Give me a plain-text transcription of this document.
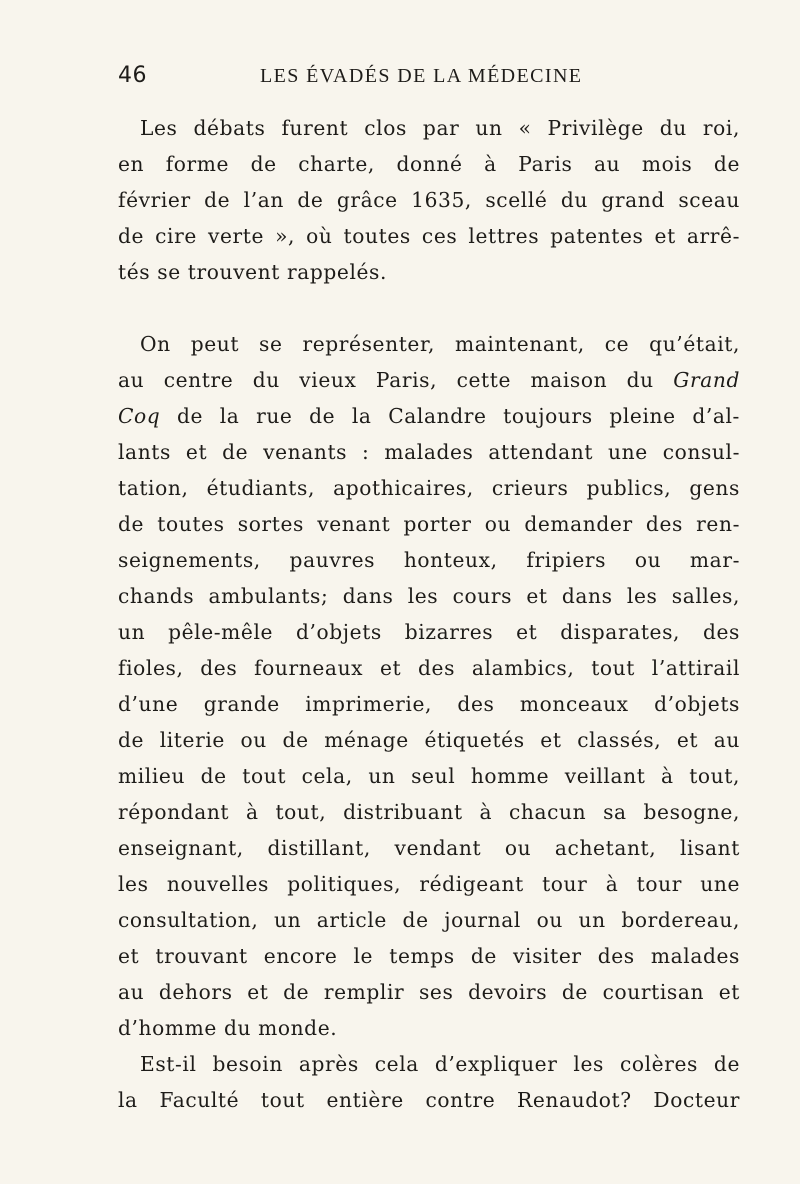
46	LES ÉVADÉS DE LA MÉDECINE
Les débats furent clos par un « Privilège du roi,
en forme de charte, donné à Paris au mois de
février de l’an de grâce 1635, scellé du grand sceau
de cire verte », où toutes ces lettres patentes et arrê-
tés se trouvent rappelés.
On peut se représenter, maintenant, ce qu’était,
au centre du vieux Paris, cette maison du Grand
Coq de la rue de la Calandre toujours pleine d’al-
lants et de venants : malades attendant une consul-
tation, étudiants, apothicaires, crieurs publics, gens
de toutes sortes venant porter ou demander des ren-
seignements, pauvres honteux, fripiers ou mar-
chands ambulants; dans les cours et dans les salles,
un pêle-mêle d’objets bizarres et disparates, des
fioles, des fourneaux et des alambics, tout l’attirail
d’une grande imprimerie, des monceaux d’objets
de literie ou de ménage étiquetés et classés, et au
milieu de tout cela, un seul homme veillant à tout,
répondant à tout, distribuant à chacun sa besogne,
enseignant, distillant, vendant ou achetant, lisant
les nouvelles politiques, rédigeant tour à tour une
consultation, un article de journal ou un bordereau,
et trouvant encore le temps de visiter des malades
au dehors et de remplir ses devoirs de courtisan et
d’homme du monde.
Est-il besoin après cela d’expliquer les colères de
la Faculté tout entière contre Renaudot? Docteur
